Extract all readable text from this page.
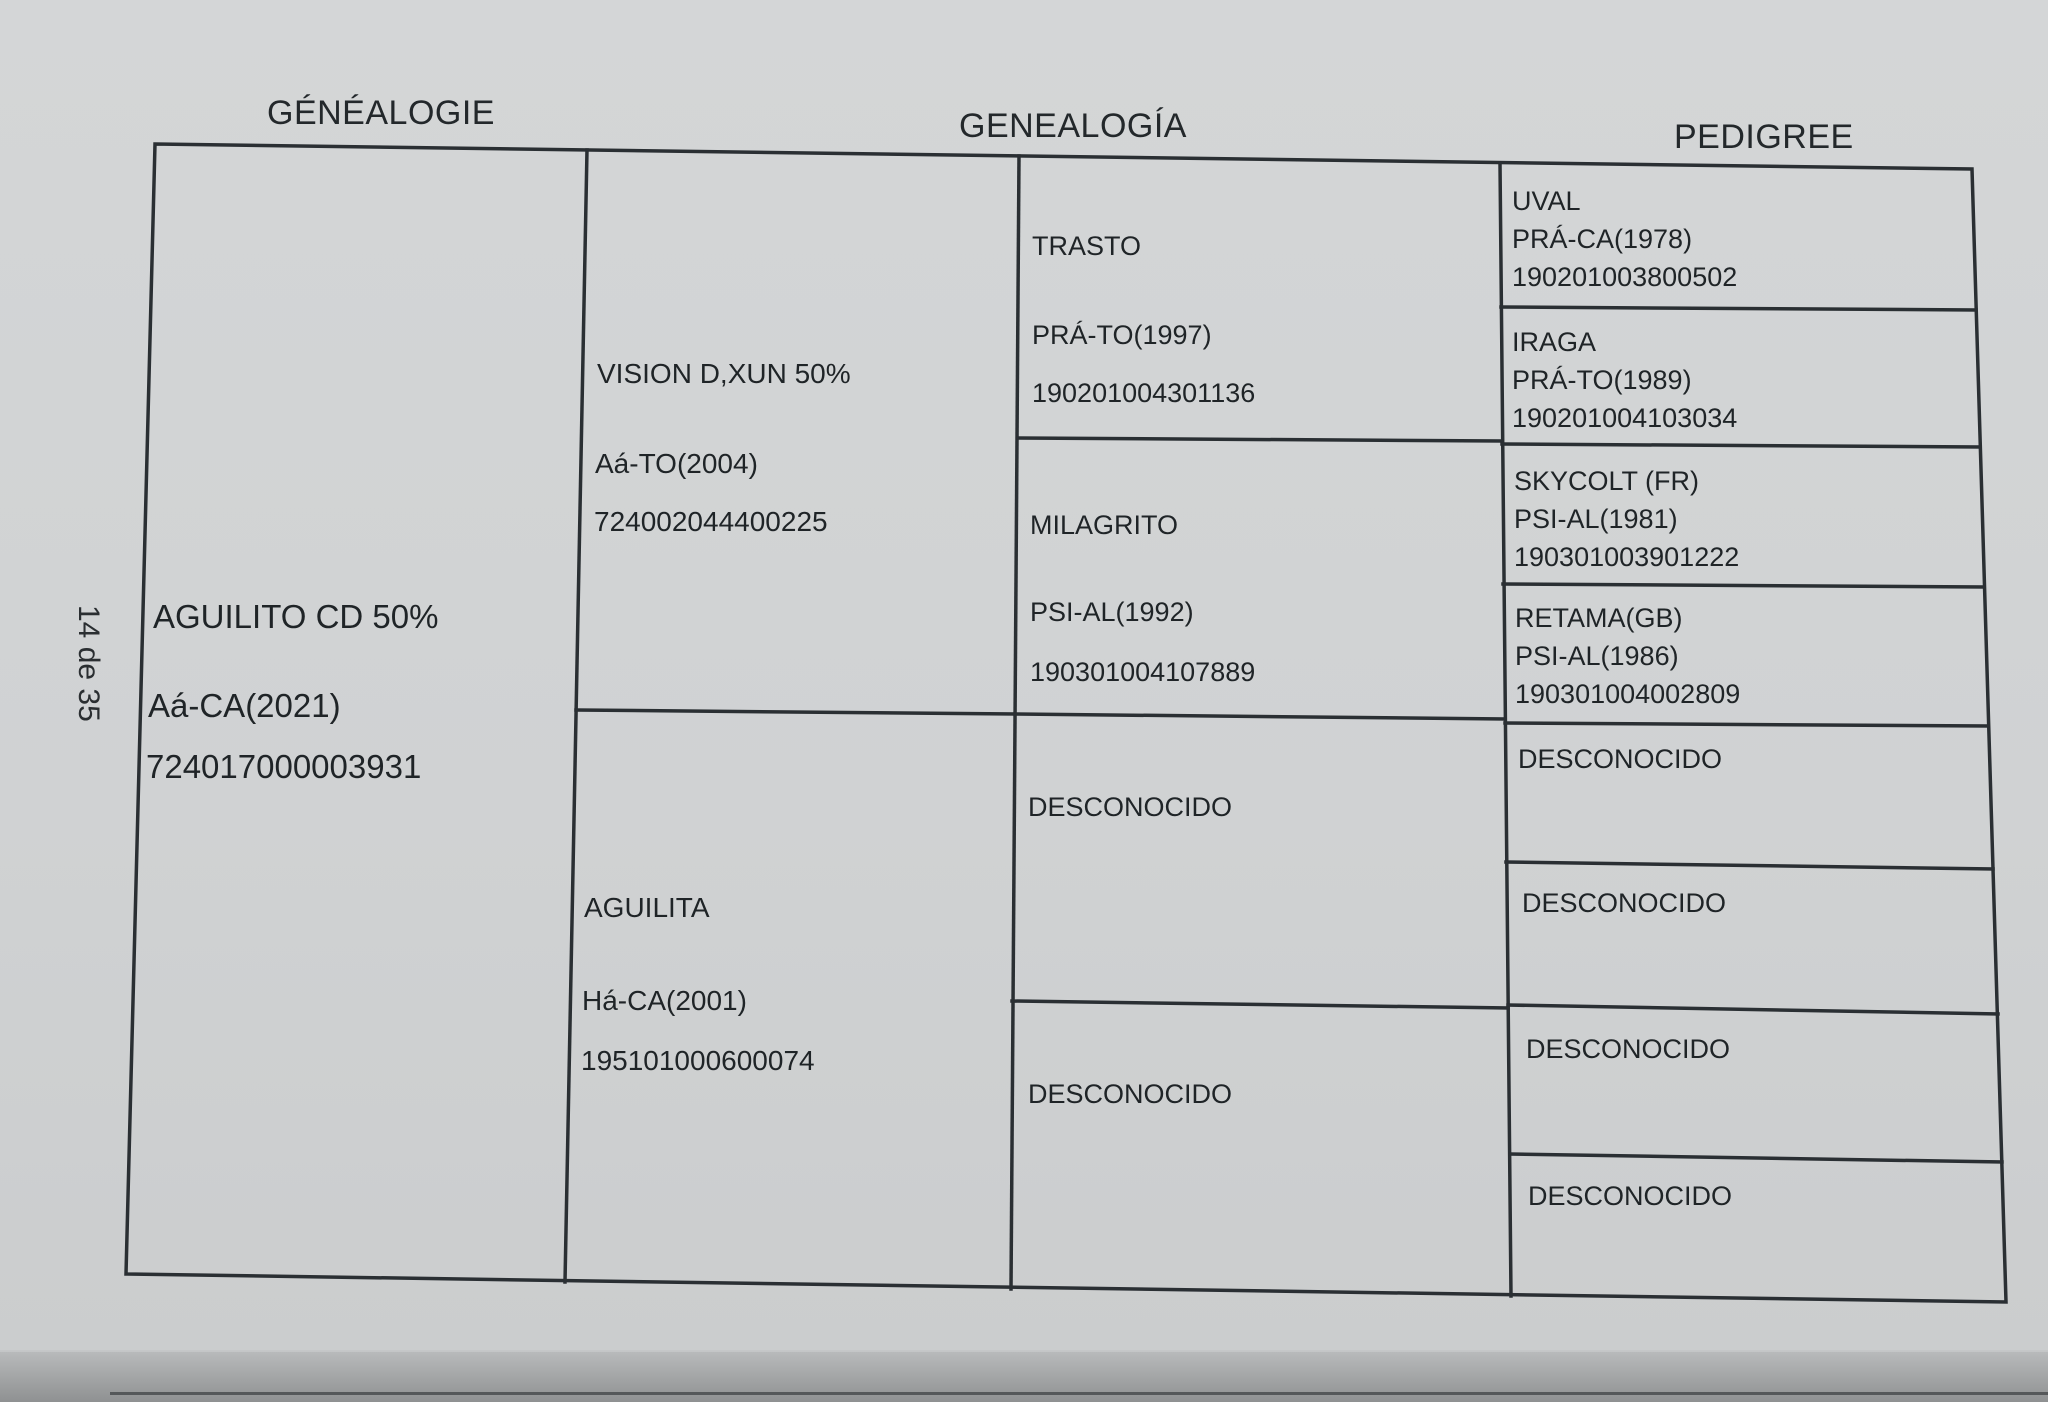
GÉNÉALOGIE	GENEALOGÍA	PEDIGREE
14 de 35 AGUILITO CD 50%
Aá-CA(2021)
724017000003931
VISION D,XUN 50%
Aá-TO(2004)
724002044400225
AGUILITA
Há-CA(2001)
195101000600074
TRASTO
PRÁ-TO(1997)
190201004301136
MILAGRITO
PSI-AL(1992)
190301004107889
DESCONOCIDO
DESCONOCIDO
UVAL
PRÁ-CA(1978)
190201003800502
IRAGA
PRÁ-TO(1989)
190201004103034
SKYCOLT (FR)
PSI-AL(1981)
190301003901222
RETAMA(GB)
PSI-AL(1986)
190301004002809
DESCONOCIDO
DESCONOCIDO
DESCONOCIDO
DESCONOCIDO
